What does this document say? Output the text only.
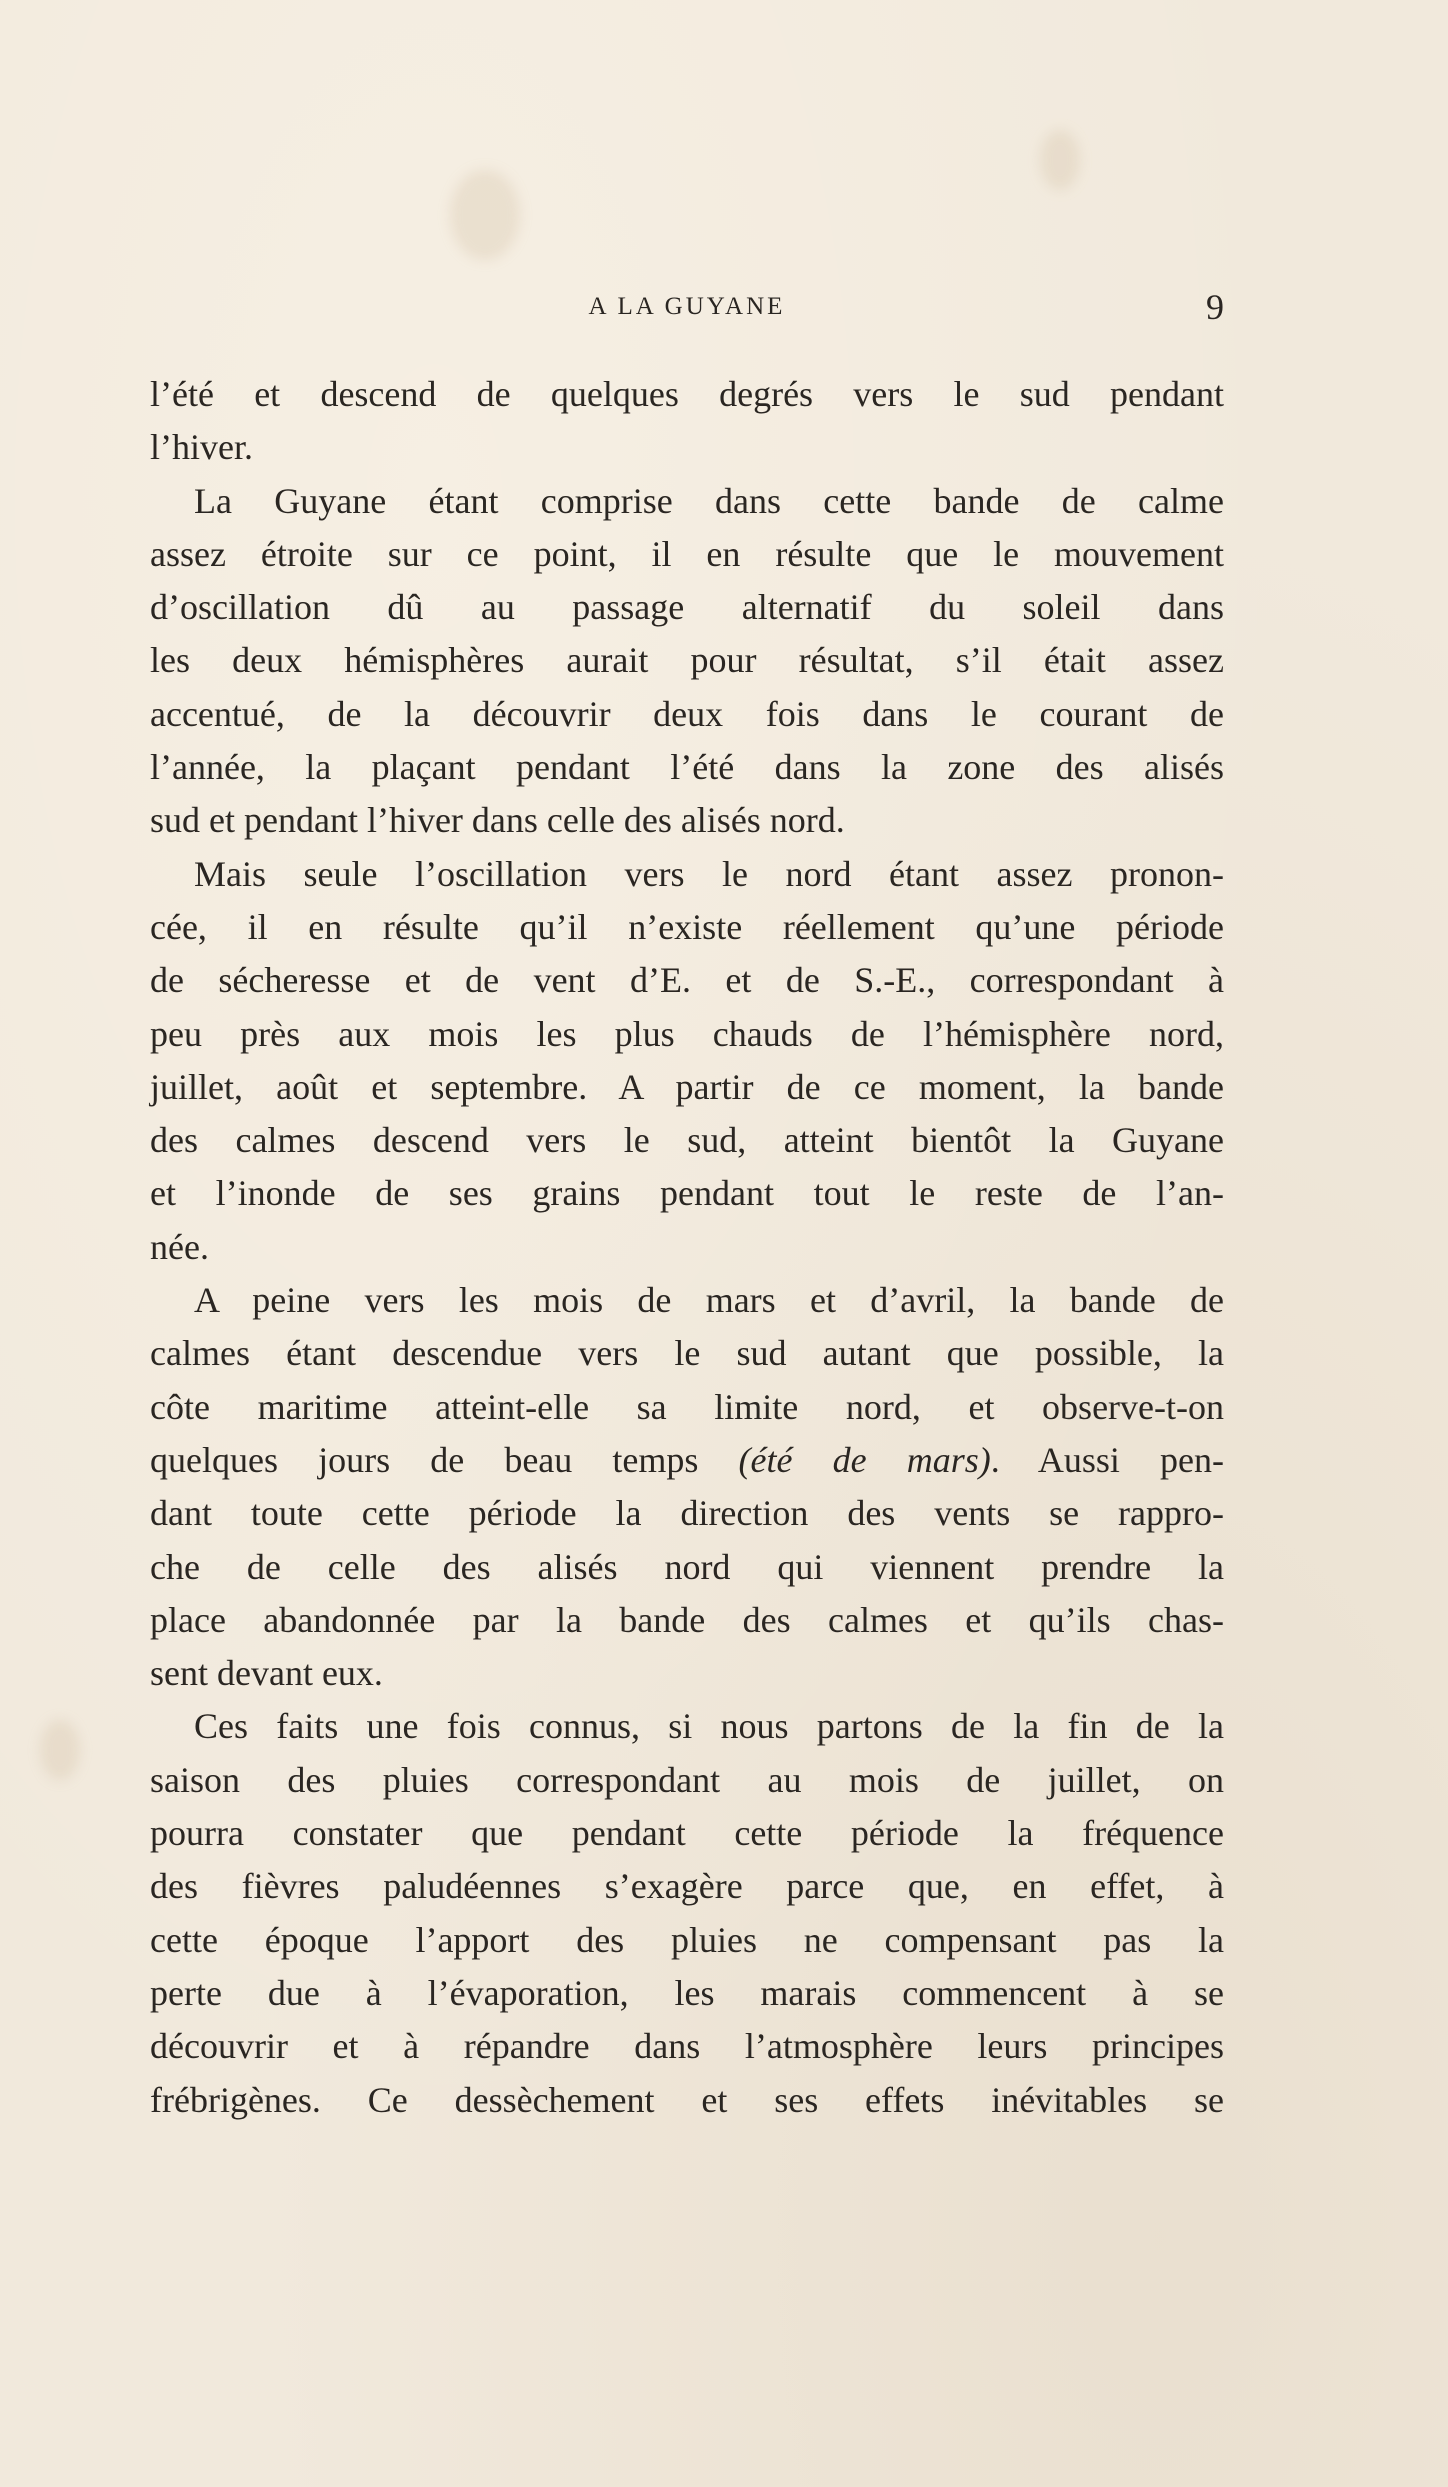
A LA GUYANE	9
l’été et descend de quelques degrés vers le sud pendant
l’hiver.
La Guyane étant comprise dans cette bande de calme
assez étroite sur ce point, il en résulte que le mouvement
d’oscillation dû au passage alternatif du soleil dans
les deux hémisphères aurait pour résultat, s’il était assez
accentué, de la découvrir deux fois dans le courant de
l’année, la plaçant pendant l’été dans la zone des alisés
sud et pendant l’hiver dans celle des alisés nord.
Mais seule l’oscillation vers le nord étant assez pronon-
cée, il en résulte qu’il n’existe réellement qu’une période
de sécheresse et de vent d’E. et de S.-E., correspondant à
peu près aux mois les plus chauds de l’hémisphère nord,
juillet, août et septembre. A partir de ce moment, la bande
des calmes descend vers le sud, atteint bientôt la Guyane
et l’inonde de ses grains pendant tout le reste de l’an-
née.
A peine vers les mois de mars et d’avril, la bande de
calmes étant descendue vers le sud autant que possible, la
côte maritime atteint-elle sa limite nord, et observe-t-on
quelques jours de beau temps (été de mars). Aussi pen-
dant toute cette période la direction des vents se rappro-
che de celle des alisés nord qui viennent prendre la
place abandonnée par la bande des calmes et qu’ils chas-
sent devant eux.
Ces faits une fois connus, si nous partons de la fin de la
saison des pluies correspondant au mois de juillet, on
pourra constater que pendant cette période la fréquence
des fièvres paludéennes s’exagère parce que, en effet, à
cette époque l’apport des pluies ne compensant pas la
perte due à l’évaporation, les marais commencent à se
découvrir et à répandre dans l’atmosphère leurs principes
frébrigènes. Ce dessèchement et ses effets inévitables se
